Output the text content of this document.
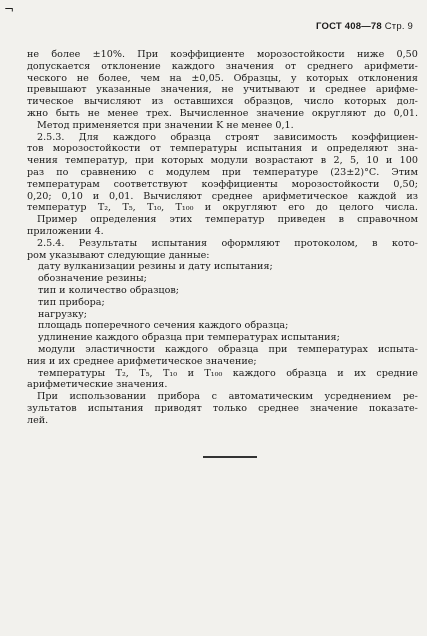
¬
ГОСТ 408—78 Стр. 9
не более ±10%. При коэффициенте морозостойкости ниже 0,50
допускается отклонение каждого значения от среднего арифмети-
ческого не более, чем на ±0,05. Образцы, у которых отклонения
превышают указанные значения, не учитывают и среднее арифме-
тическое вычисляют из оставшихся образцов, число которых дол-
жно быть не менее трех. Вычисленное значение округляют до 0,01.
Метод применяется при значении K не менее 0,1.
2.5.3. Для каждого образца строят зависимость коэффициен-
тов морозостойкости от температуры испытания и определяют зна-
чения температур, при которых модули возрастают в 2, 5, 10 и 100
раз по сравнению с модулем при температуре (23±2)°С. Этим
температурам соответствуют коэффициенты морозостойкости 0,50;
0,20; 0,10 и 0,01. Вычисляют среднее арифметическое каждой из
температур T₂, T₅, T₁₀, T₁₀₀ и округляют его до целого числа.
Пример определения этих температур приведен в справочном
приложении 4.
2.5.4. Результаты испытания оформляют протоколом, в кото-
ром указывают следующие данные:
дату вулканизации резины и дату испытания;
обозначение резины;
тип и количество образцов;
тип прибора;
нагрузку;
площадь поперечного сечения каждого образца;
удлинение каждого образца при температурах испытания;
модули эластичности каждого образца при температурах испыта-
ния и их среднее арифметическое значение;
температуры T₂, T₅, T₁₀ и T₁₀₀ каждого образца и их средние
арифметические значения.
При использовании прибора с автоматическим усреднением ре-
зультатов испытания приводят только среднее значение показате-
лей.
